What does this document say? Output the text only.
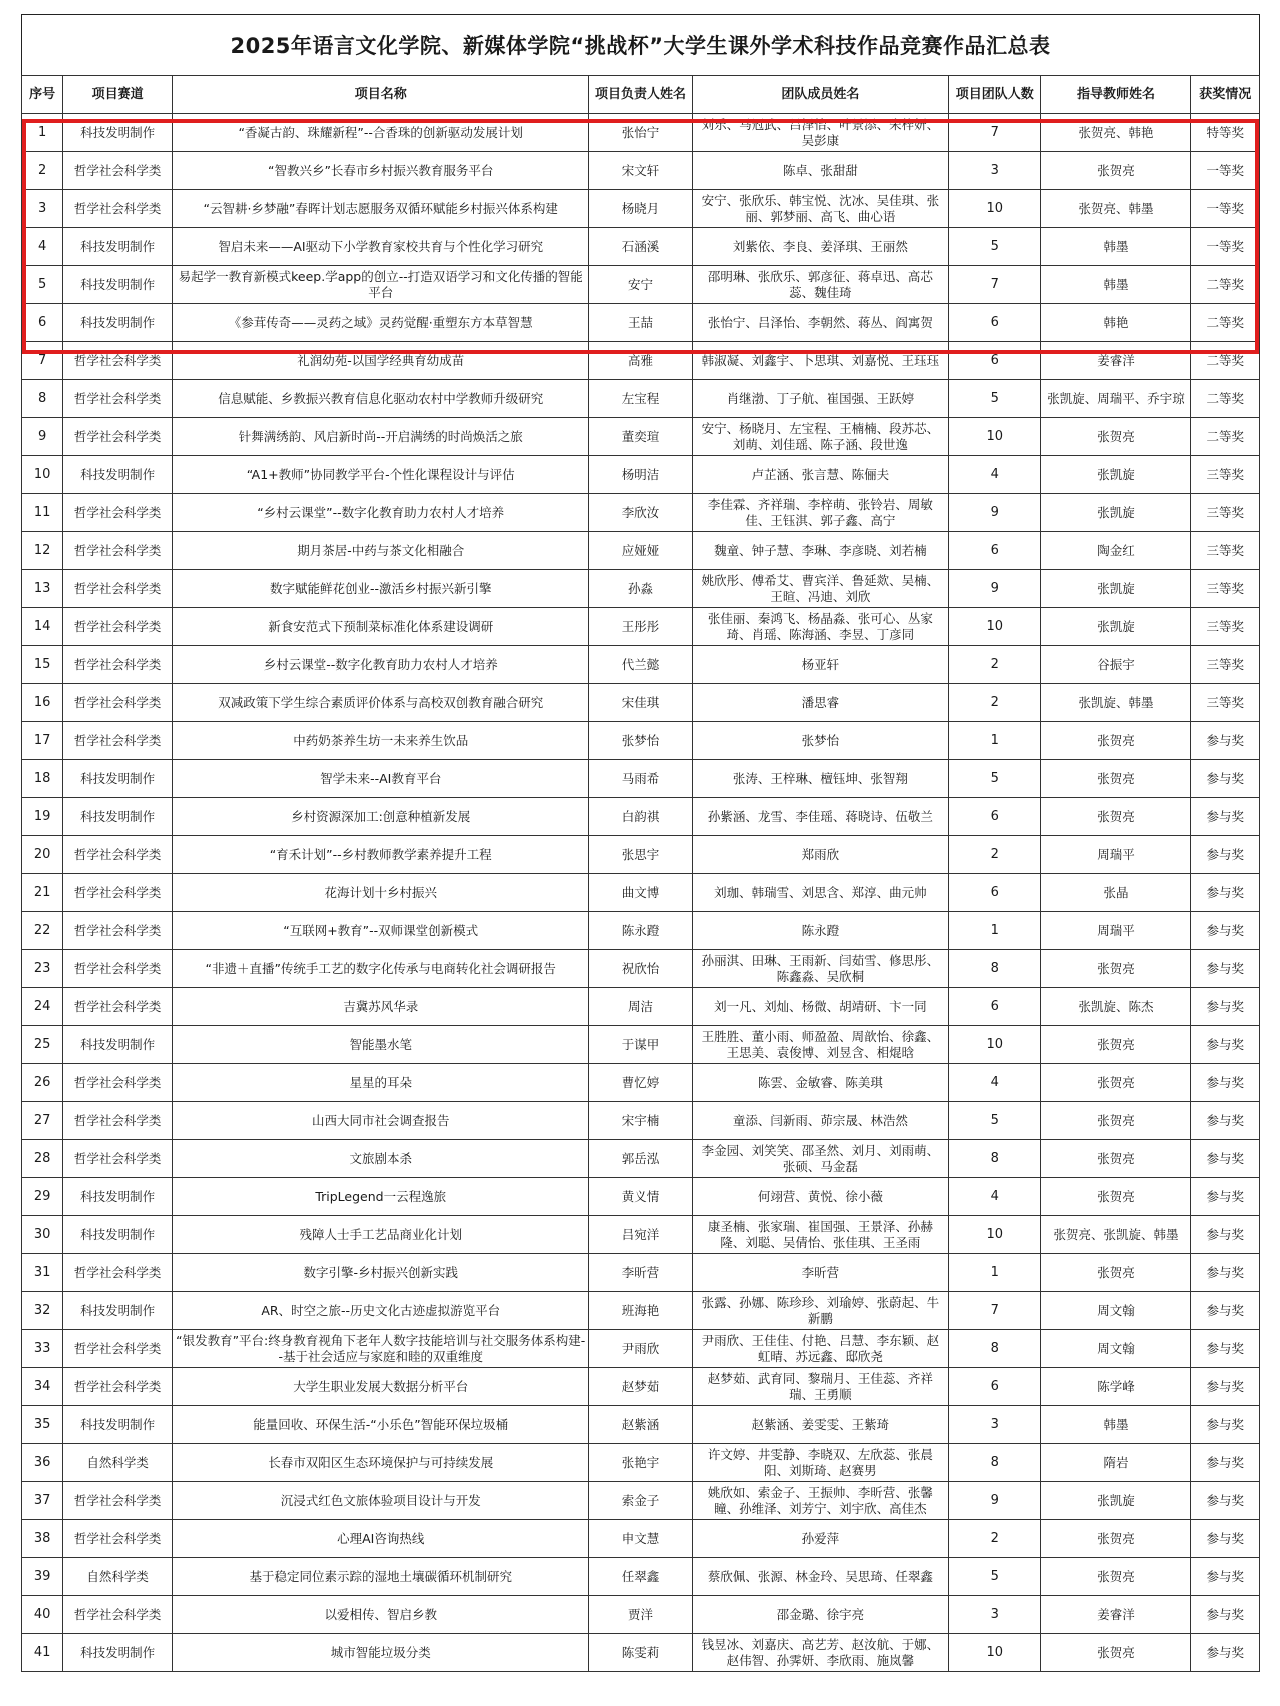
2025年语言文化学院、新媒体学院“挑战杯”大学生课外学术科技作品竞赛作品汇总表
序号	项目赛道	项目名称	项目负责人姓名	团队成员姓名	项目团队人数	指导教师姓名	获奖情况
1	科技发明制作	“香凝古韵、珠耀新程”--合香珠的创新驱动发展计划	张怡宁	刘乐、马冠武、吕泽怡、叶景添、朱梓妍、吴彭康	7	张贺亮、韩艳	特等奖
2	哲学社会科学类	“智教兴乡”长春市乡村振兴教育服务平台	宋文轩	陈卓、张甜甜	3	张贺亮	一等奖
3	哲学社会科学类	“云智耕·乡梦融”春晖计划志愿服务双循环赋能乡村振兴体系构建	杨晓月	安宁、张欣乐、韩宝悦、沈冰、吴佳琪、张丽、郭梦丽、高飞、曲心语	10	张贺亮、韩墨	一等奖
4	科技发明制作	智启未来——AI驱动下小学教育家校共育与个性化学习研究	石涵溪	刘紫依、李良、姜泽琪、王丽然	5	韩墨	一等奖
5	科技发明制作	易起学一教育新模式keep.学app的创立--打造双语学习和文化传播的智能平台	安宁	邵明琳、张欣乐、郭彦征、蒋卓迅、高芯蕊、魏佳琦	7	韩墨	二等奖
6	科技发明制作	《参茸传奇——灵药之域》灵药觉醒·重塑东方本草智慧	王喆	张怡宁、吕泽怡、李朝然、蒋丛、阎寓贺	6	韩艳	二等奖
7	哲学社会科学类	礼润幼苑-以国学经典育幼成苗	高雅	韩淑凝、刘鑫宇、卜思琪、刘嘉悦、王珏珏	6	姜睿洋	二等奖
8	哲学社会科学类	信息赋能、乡教振兴教育信息化驱动农村中学教师升级研究	左宝程	肖继渤、丁子航、崔国强、王跃婷	5	张凯旋、周瑞平、乔宇琼	二等奖
9	哲学社会科学类	针舞满绣韵、风启新时尚--开启满绣的时尚焕活之旅	董奕瑄	安宁、杨晓月、左宝程、王楠楠、段苏芯、刘萌、刘佳瑶、陈子涵、段世逸	10	张贺亮	二等奖
10	科技发明制作	“A1+教师”协同教学平台-个性化课程设计与评估	杨明洁	卢芷涵、张言慧、陈俪夫	4	张凯旋	三等奖
11	哲学社会科学类	“乡村云课堂”--数字化教育助力农村人才培养	李欣汝	李佳霖、齐祥瑞、李梓萌、张铃岩、周敏佳、王钰淇、郭子鑫、高宁	9	张凯旋	三等奖
12	哲学社会科学类	期月茶居-中药与茶文化相融合	应娅娅	魏童、钟子慧、李琳、李彦晓、刘若楠	6	陶金红	三等奖
13	哲学社会科学类	数字赋能鲜花创业--激活乡村振兴新引擎	孙淼	姚欣彤、傅希艾、曹宾洋、鲁延欻、吴楠、王暄、冯迪、刘欣	9	张凯旋	三等奖
14	哲学社会科学类	新食安范式下预制菜标准化体系建设调研	王彤彤	张佳丽、秦鸿飞、杨晶淼、张可心、丛家琦、肖瑶、陈海涵、李昱、丁彦同	10	张凯旋	三等奖
15	哲学社会科学类	乡村云课堂--数字化教育助力农村人才培养	代兰懿	杨亚轩	2	谷振宇	三等奖
16	哲学社会科学类	双减政策下学生综合素质评价体系与高校双创教育融合研究	宋佳琪	潘思睿	2	张凯旋、韩墨	三等奖
17	哲学社会科学类	中药奶茶养生坊一未来养生饮品	张梦怡	张梦怡	1	张贺亮	参与奖
18	科技发明制作	智学未来--AI教育平台	马雨希	张涛、王梓琳、檀钰坤、张智翔	5	张贺亮	参与奖
19	科技发明制作	乡村资源深加工:创意种植新发展	白韵祺	孙紫涵、龙雪、李佳瑶、蒋晓诗、伍敬兰	6	张贺亮	参与奖
20	哲学社会科学类	“育禾计划”--乡村教师教学素养提升工程	张思宇	郑雨欣	2	周瑞平	参与奖
21	哲学社会科学类	花海计划十乡村振兴	曲文博	刘珈、韩瑞雪、刘思含、郑淳、曲元帅	6	张晶	参与奖
22	哲学社会科学类	“互联网+教育”--双师课堂创新模式	陈永蹬	陈永蹬	1	周瑞平	参与奖
23	哲学社会科学类	“非遗＋直播”传统手工艺的数字化传承与电商转化社会调研报告	祝欣怡	孙丽淇、田琳、王雨新、闫茹雪、修思彤、陈鑫淼、吴欣桐	8	张贺亮	参与奖
24	哲学社会科学类	吉冀苏风华录	周洁	刘一凡、刘灿、杨微、胡靖研、卞一同	6	张凯旋、陈杰	参与奖
25	科技发明制作	智能墨水笔	于谋甲	王胜胜、董小雨、师盈盈、周歆怡、徐鑫、王思美、袁俊博、刘昱含、相焜晗	10	张贺亮	参与奖
26	哲学社会科学类	星星的耳朵	曹忆婷	陈雲、金敏睿、陈美琪	4	张贺亮	参与奖
27	哲学社会科学类	山西大同市社会调查报告	宋宇楠	童添、闫新雨、茆宗晟、林浩然	5	张贺亮	参与奖
28	哲学社会科学类	文旅剧本杀	郭岳泓	李金园、刘笑笑、邵圣然、刘月、刘雨萌、张硕、马金磊	8	张贺亮	参与奖
29	科技发明制作	TripLegend一云程逸旅	黄义情	何翊营、黄悦、徐小薇	4	张贺亮	参与奖
30	科技发明制作	残障人士手工艺品商业化计划	吕宛洋	康圣楠、张家瑞、崔国强、王景泽、孙赫隆、刘聪、吴倩怡、张佳琪、王圣雨	10	张贺亮、张凯旋、韩墨	参与奖
31	哲学社会科学类	数字引擎-乡村振兴创新实践	李昕营	李昕营	1	张贺亮	参与奖
32	科技发明制作	AR、时空之旅--历史文化古迹虚拟游览平台	班海艳	张露、孙娜、陈珍珍、刘瑜婷、张蔚起、牛新鹏	7	周文翰	参与奖
33	哲学社会科学类	“银发教育”平台:终身教育视角下老年人数字技能培训与社交服务体系构建--基于社会适应与家庭和睦的双重维度	尹雨欣	尹雨欣、王佳佳、付艳、吕慧、李东颖、赵虹晴、苏远鑫、邸欣尧	8	周文翰	参与奖
34	哲学社会科学类	大学生职业发展大数据分析平台	赵梦茹	赵梦茹、武育同、黎瑞月、王佳蕊、齐祥瑞、王勇顺	6	陈学峰	参与奖
35	科技发明制作	能量回收、环保生活-“小乐色”智能环保垃圾桶	赵紫涵	赵紫涵、姜雯雯、王紫琦	3	韩墨	参与奖
36	自然科学类	长春市双阳区生态环境保护与可持续发展	张艳宇	许文婷、井雯静、李晓双、左欣蕊、张晨阳、刘斯琦、赵赛男	8	隋岩	参与奖
37	哲学社会科学类	沉浸式红色文旅体验项目设计与开发	索金子	姚欣如、索金子、王振帅、李昕营、张馨瞳、孙维泽、刘芳宁、刘宇欣、高佳杰	9	张凯旋	参与奖
38	哲学社会科学类	心理AI咨询热线	申文慧	孙爱萍	2	张贺亮	参与奖
39	自然科学类	基于稳定同位素示踪的湿地土壤碳循环机制研究	任翠鑫	蔡欣佩、张源、林金玲、吴思琦、任翠鑫	5	张贺亮	参与奖
40	哲学社会科学类	以爱相传、智启乡教	贾洋	邵金璐、徐宇亮	3	姜睿洋	参与奖
41	科技发明制作	城市智能垃圾分类	陈雯莉	钱昱冰、刘嘉庆、高艺芳、赵汝航、于娜、赵伟智、孙霁妍、李欣雨、施岚馨	10	张贺亮	参与奖
